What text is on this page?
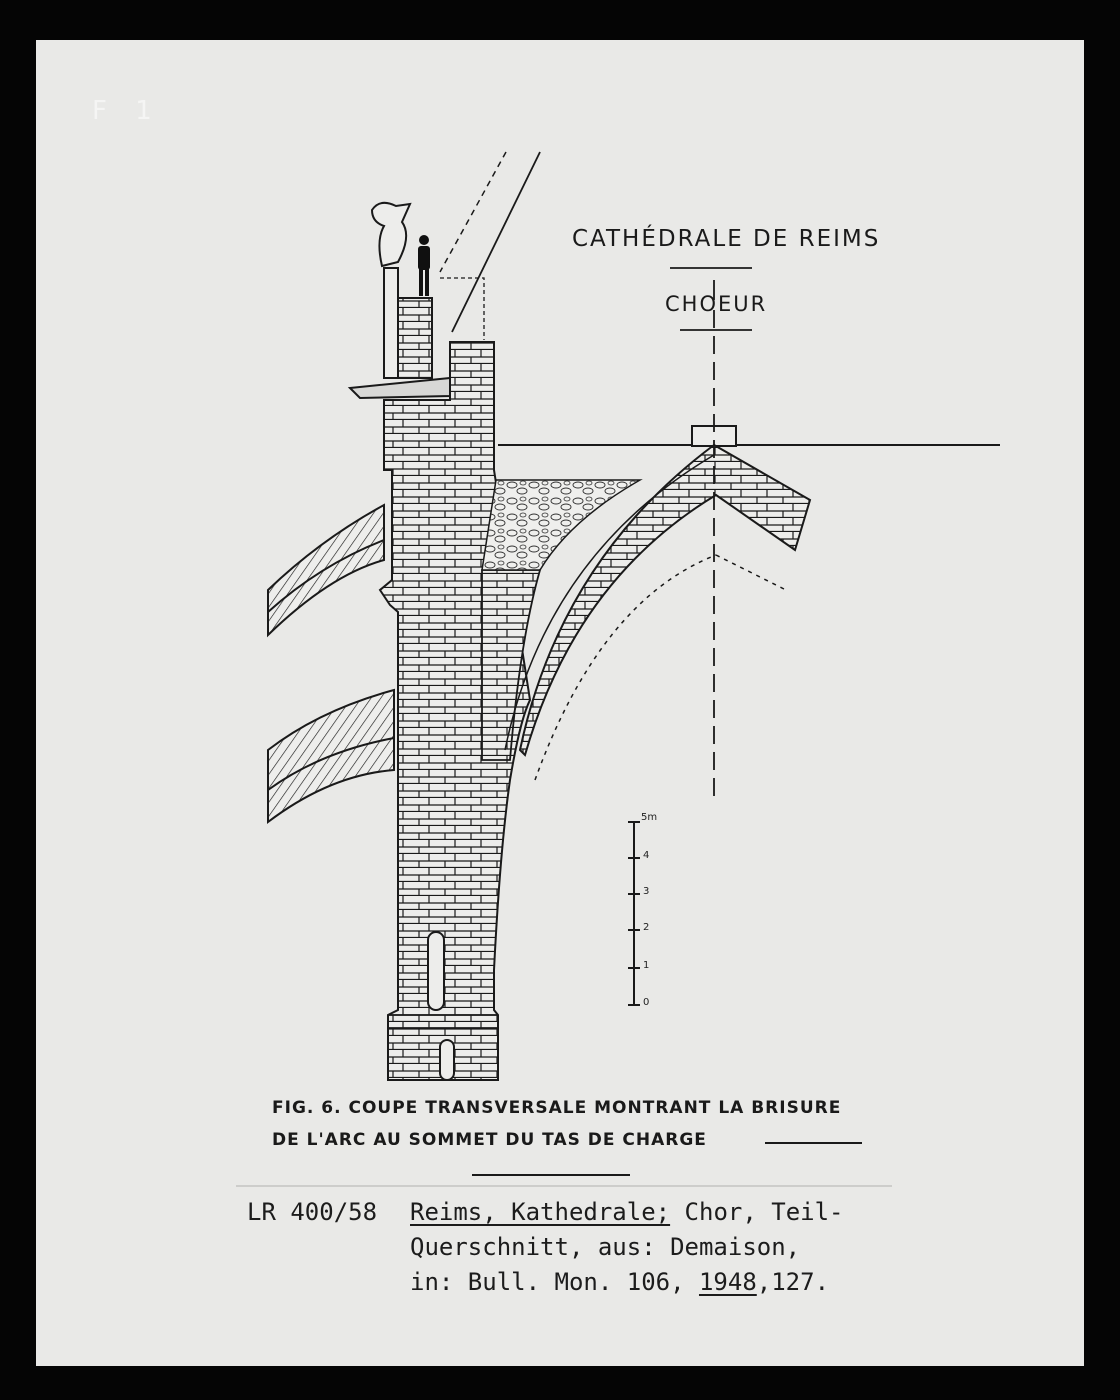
F 1
CATHÉDRALE DE REIMS
CHOEUR
5m
4
3
2
1
0
FIG. 6. COUPE TRANSVERSALE MONTRANT LA BRISURE
DE L'ARC AU SOMMET DU TAS DE CHARGE
LR 400/58 Reims, Kathedrale; Chor, Teil-
Querschnitt, aus: Demaison,
in: Bull. Mon. 106, 1948,127.
